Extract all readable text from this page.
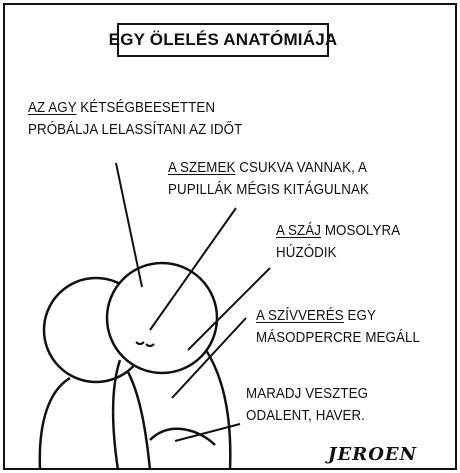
EGY ÖLELÉS ANATÓMIÁJA
AZ AGY KÉTSÉGBEESETTEN
PRÓBÁLJA LELASSÍTANI AZ IDŐT
A SZEMEK CSUKVA VANNAK, A
PUPILLÁK MÉGIS KITÁGULNAK
A SZÁJ MOSOLYRA
HÚZÓDIK
A SZÍVVERÉS EGY
MÁSODPERCRE MEGÁLL
MARADJ VESZTEG
ODALENT, HAVER.
JEROEN
